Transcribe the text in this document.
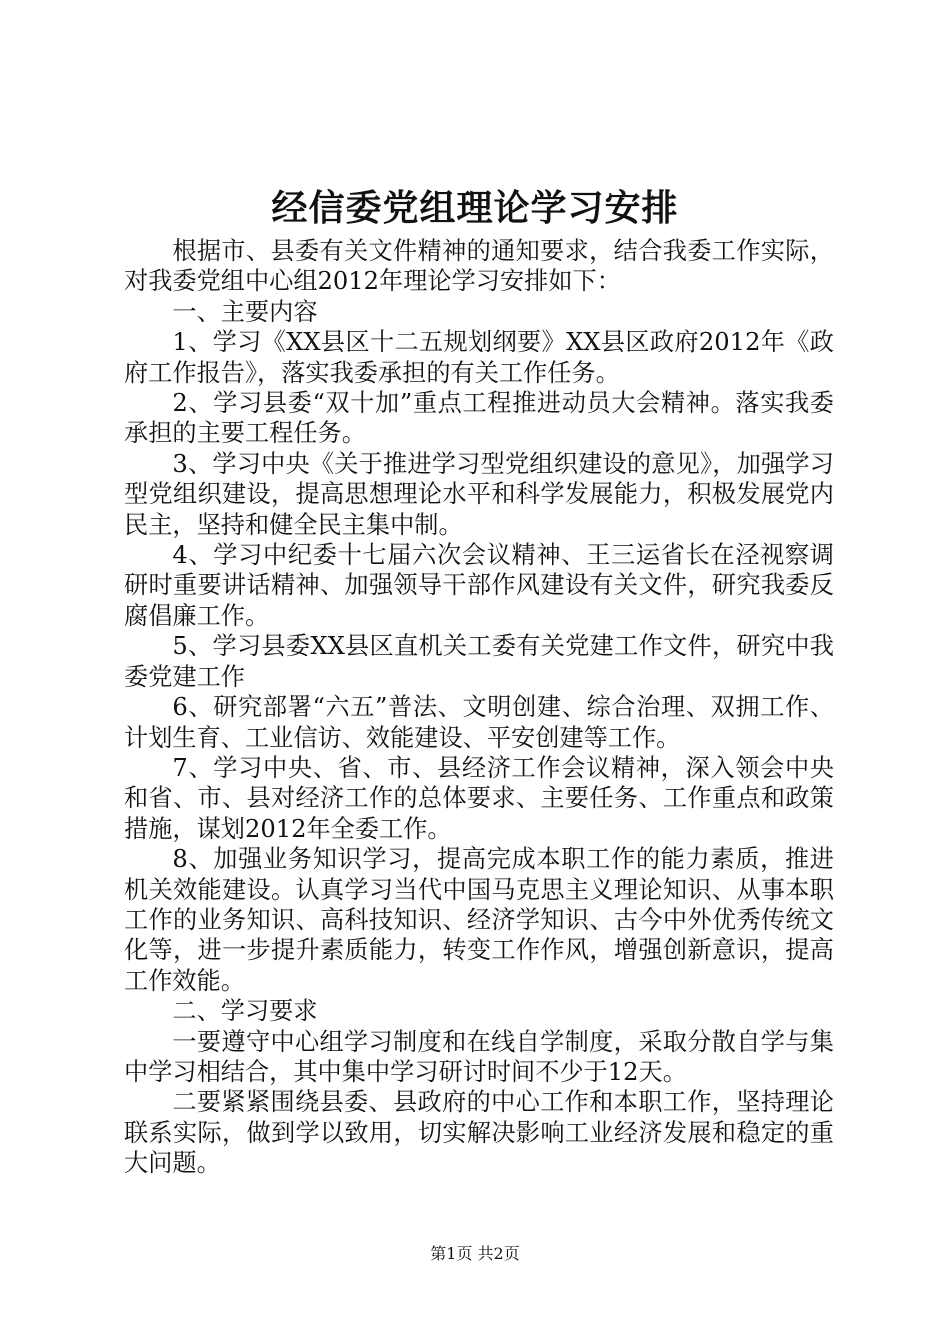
经信委党组理论学习安排

根据市、县委有关文件精神的通知要求，结合我委工作实际，对我委党组中心组2012年理论学习安排如下：

一、主要内容

1、学习《XX县区十二五规划纲要》XX县区政府2012年《政府工作报告》，落实我委承担的有关工作任务。

2、学习县委“双十加”重点工程推进动员大会精神。落实我委承担的主要工程任务。

3、学习中央《关于推进学习型党组织建设的意见》，加强学习型党组织建设，提高思想理论水平和科学发展能力，积极发展党内民主，坚持和健全民主集中制。

4、学习中纪委十七届六次会议精神、王三运省长在泾视察调研时重要讲话精神、加强领导干部作风建设有关文件，研究我委反腐倡廉工作。

5、学习县委XX县区直机关工委有关党建工作文件，研究中我委党建工作

6、研究部署“六五”普法、文明创建、综合治理、双拥工作、计划生育、工业信访、效能建设、平安创建等工作。

7、学习中央、省、市、县经济工作会议精神，深入领会中央和省、市、县对经济工作的总体要求、主要任务、工作重点和政策措施，谋划2012年全委工作。

8、加强业务知识学习，提高完成本职工作的能力素质，推进机关效能建设。认真学习当代中国马克思主义理论知识、从事本职工作的业务知识、高科技知识、经济学知识、古今中外优秀传统文化等，进一步提升素质能力，转变工作作风，增强创新意识，提高工作效能。

二、学习要求

一要遵守中心组学习制度和在线自学制度，采取分散自学与集中学习相结合，其中集中学习研讨时间不少于12天。

二要紧紧围绕县委、县政府的中心工作和本职工作，坚持理论联系实际，做到学以致用，切实解决影响工业经济发展和稳定的重大问题。

第1页 共2页
